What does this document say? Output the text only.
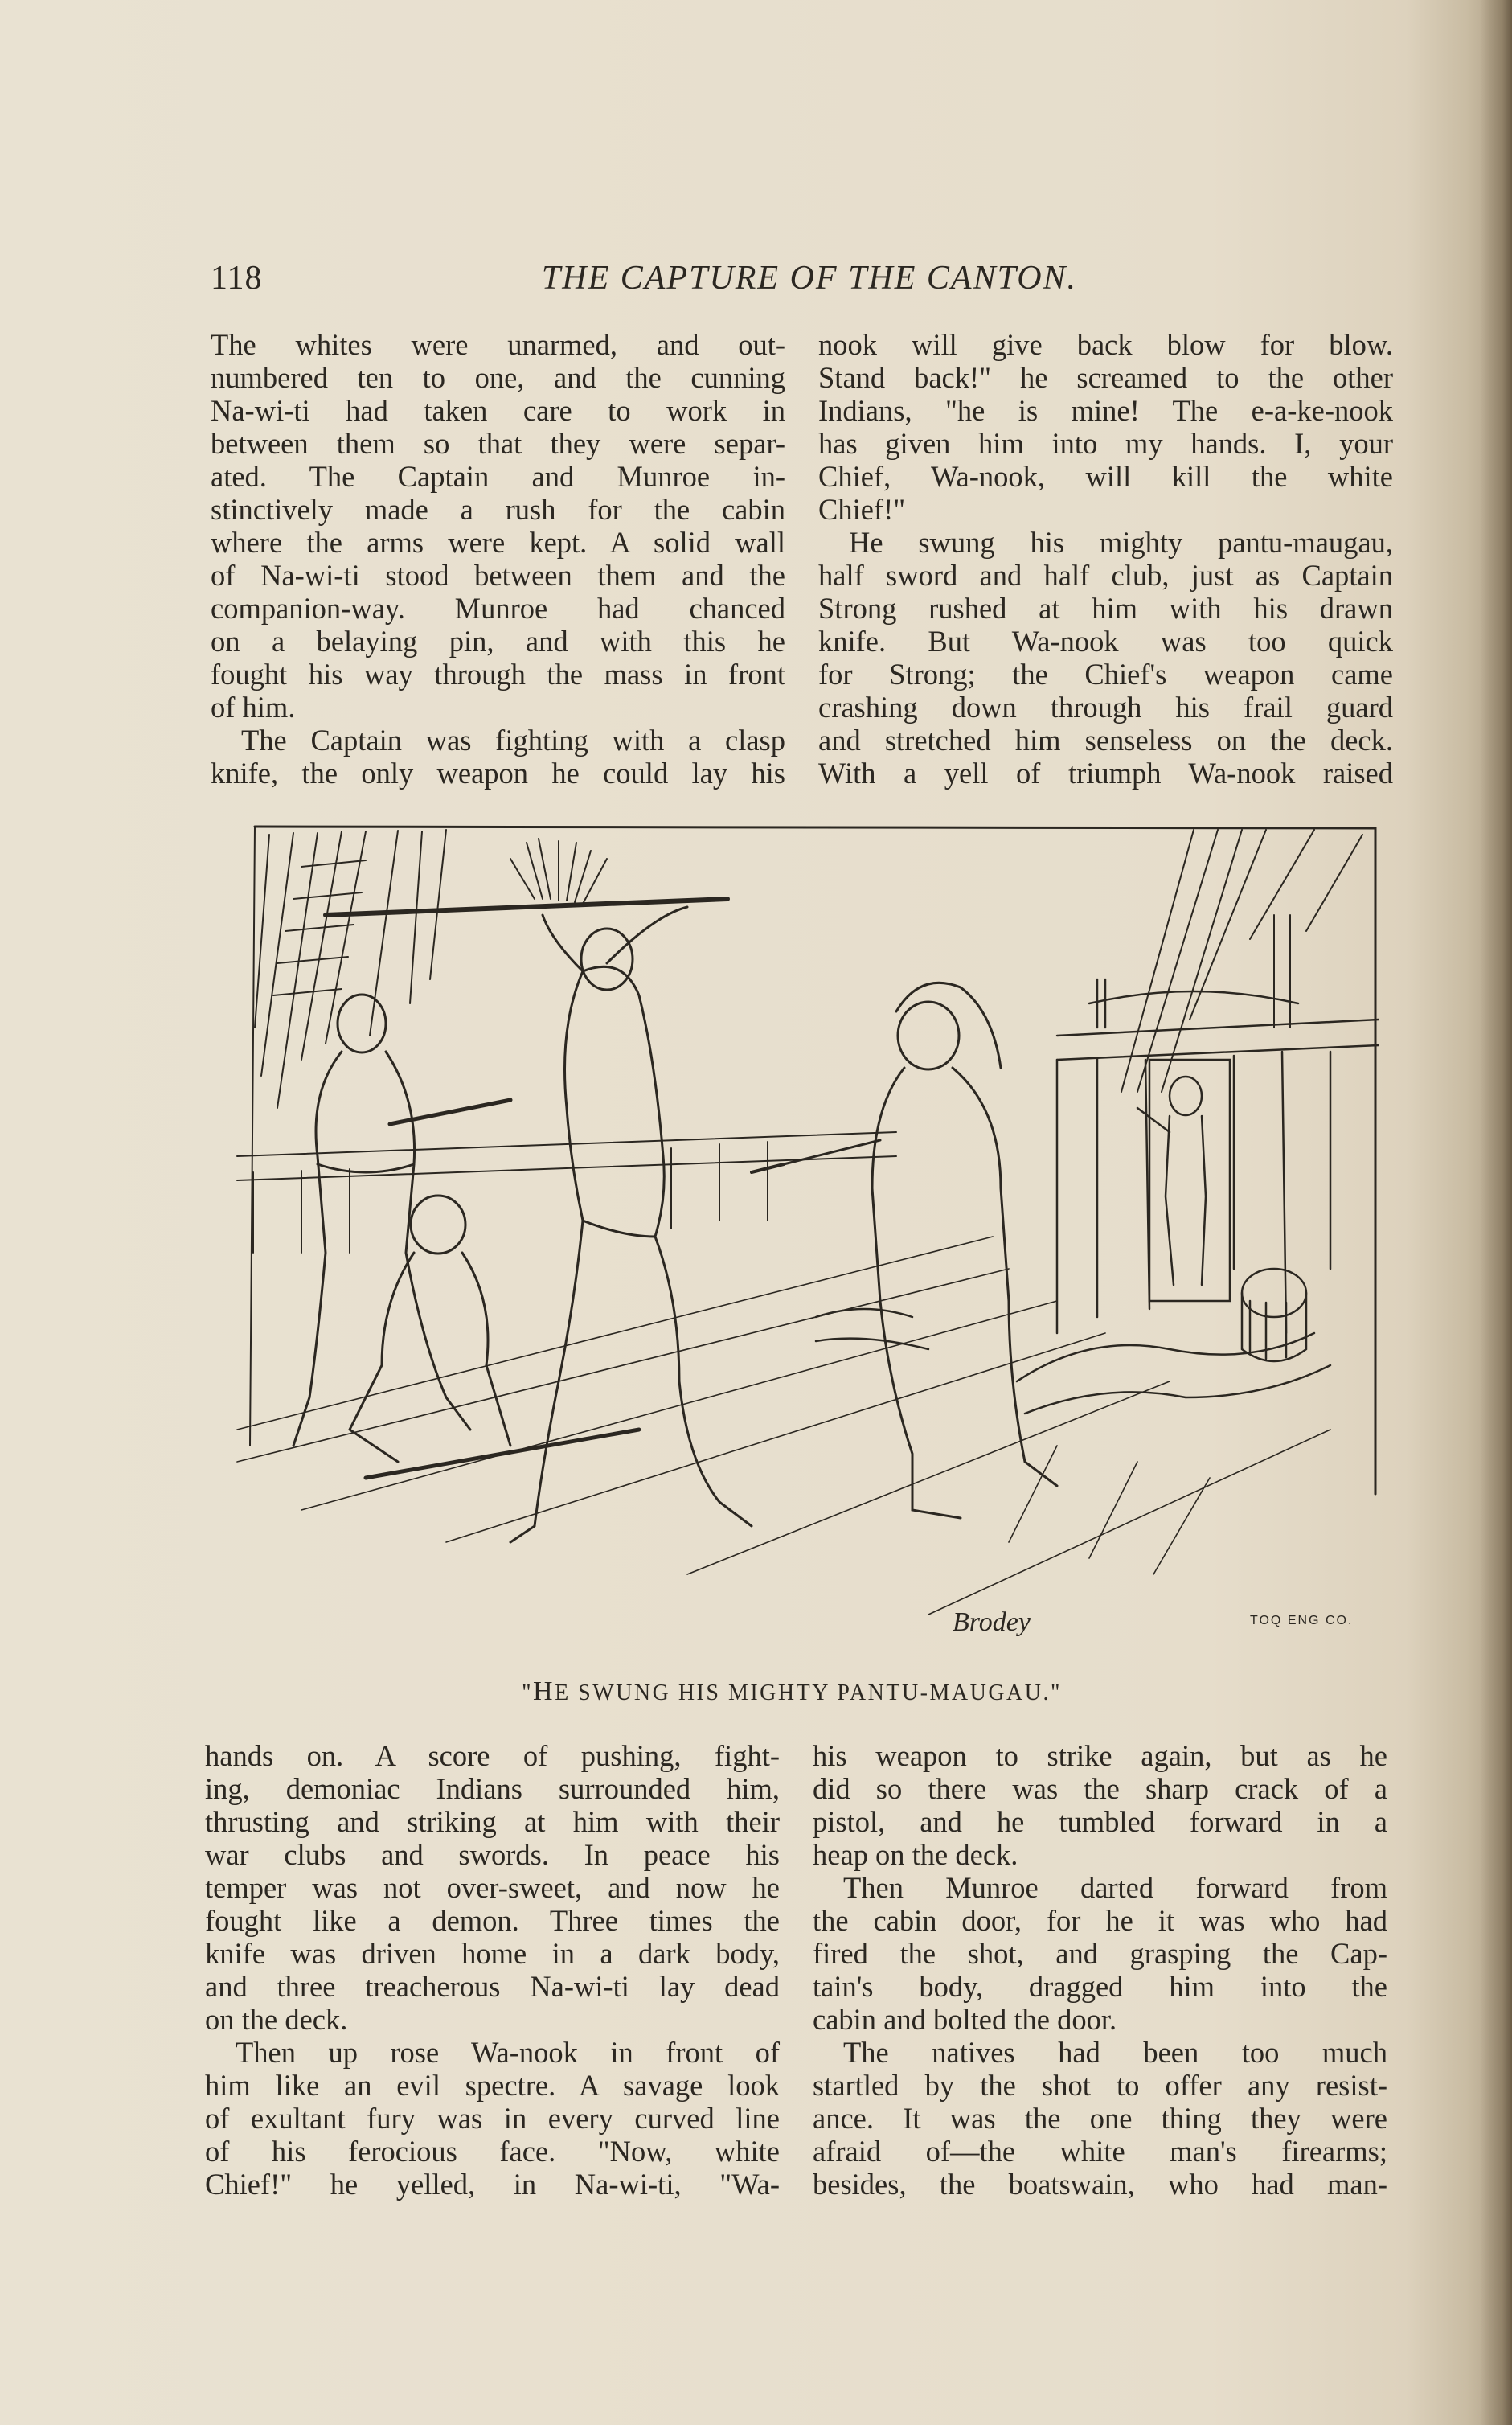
118	THE CAPTURE OF THE CANTON.
The whites were unarmed, and out-
numbered ten to one, and the cunning
Na-wi-ti had taken care to work in
between them so that they were separ-
ated. The Captain and Munroe in-
stinctively made a rush for the cabin
where the arms were kept. A solid wall
of Na-wi-ti stood between them and the
companion-way. Munroe had chanced
on a belaying pin, and with this he
fought his way through the mass in front
of him.
The Captain was fighting with a clasp
knife, the only weapon he could lay his
nook will give back blow for blow.
Stand back!" he screamed to the other
Indians, "he is mine! The e-a-ke-nook
has given him into my hands. I, your
Chief, Wa-nook, will kill the white
Chief!"
He swung his mighty pantu-maugau,
half sword and half club, just as Captain
Strong rushed at him with his drawn
knife. But Wa-nook was too quick
for Strong; the Chief's weapon came
crashing down through his frail guard
and stretched him senseless on the deck.
With a yell of triumph Wa-nook raised
Brodey	TOQ ENG CO.
"HE SWUNG HIS MIGHTY PANTU-MAUGAU."
hands on. A score of pushing, fight-
ing, demoniac Indians surrounded him,
thrusting and striking at him with their
war clubs and swords. In peace his
temper was not over-sweet, and now he
fought like a demon. Three times the
knife was driven home in a dark body,
and three treacherous Na-wi-ti lay dead
on the deck.
Then up rose Wa-nook in front of
him like an evil spectre. A savage look
of exultant fury was in every curved line
of his ferocious face. "Now, white
Chief!" he yelled, in Na-wi-ti, "Wa-
his weapon to strike again, but as he
did so there was the sharp crack of a
pistol, and he tumbled forward in a
heap on the deck.
Then Munroe darted forward from
the cabin door, for he it was who had
fired the shot, and grasping the Cap-
tain's body, dragged him into the
cabin and bolted the door.
The natives had been too much
startled by the shot to offer any resist-
ance. It was the one thing they were
afraid of—the white man's firearms;
besides, the boatswain, who had man-
